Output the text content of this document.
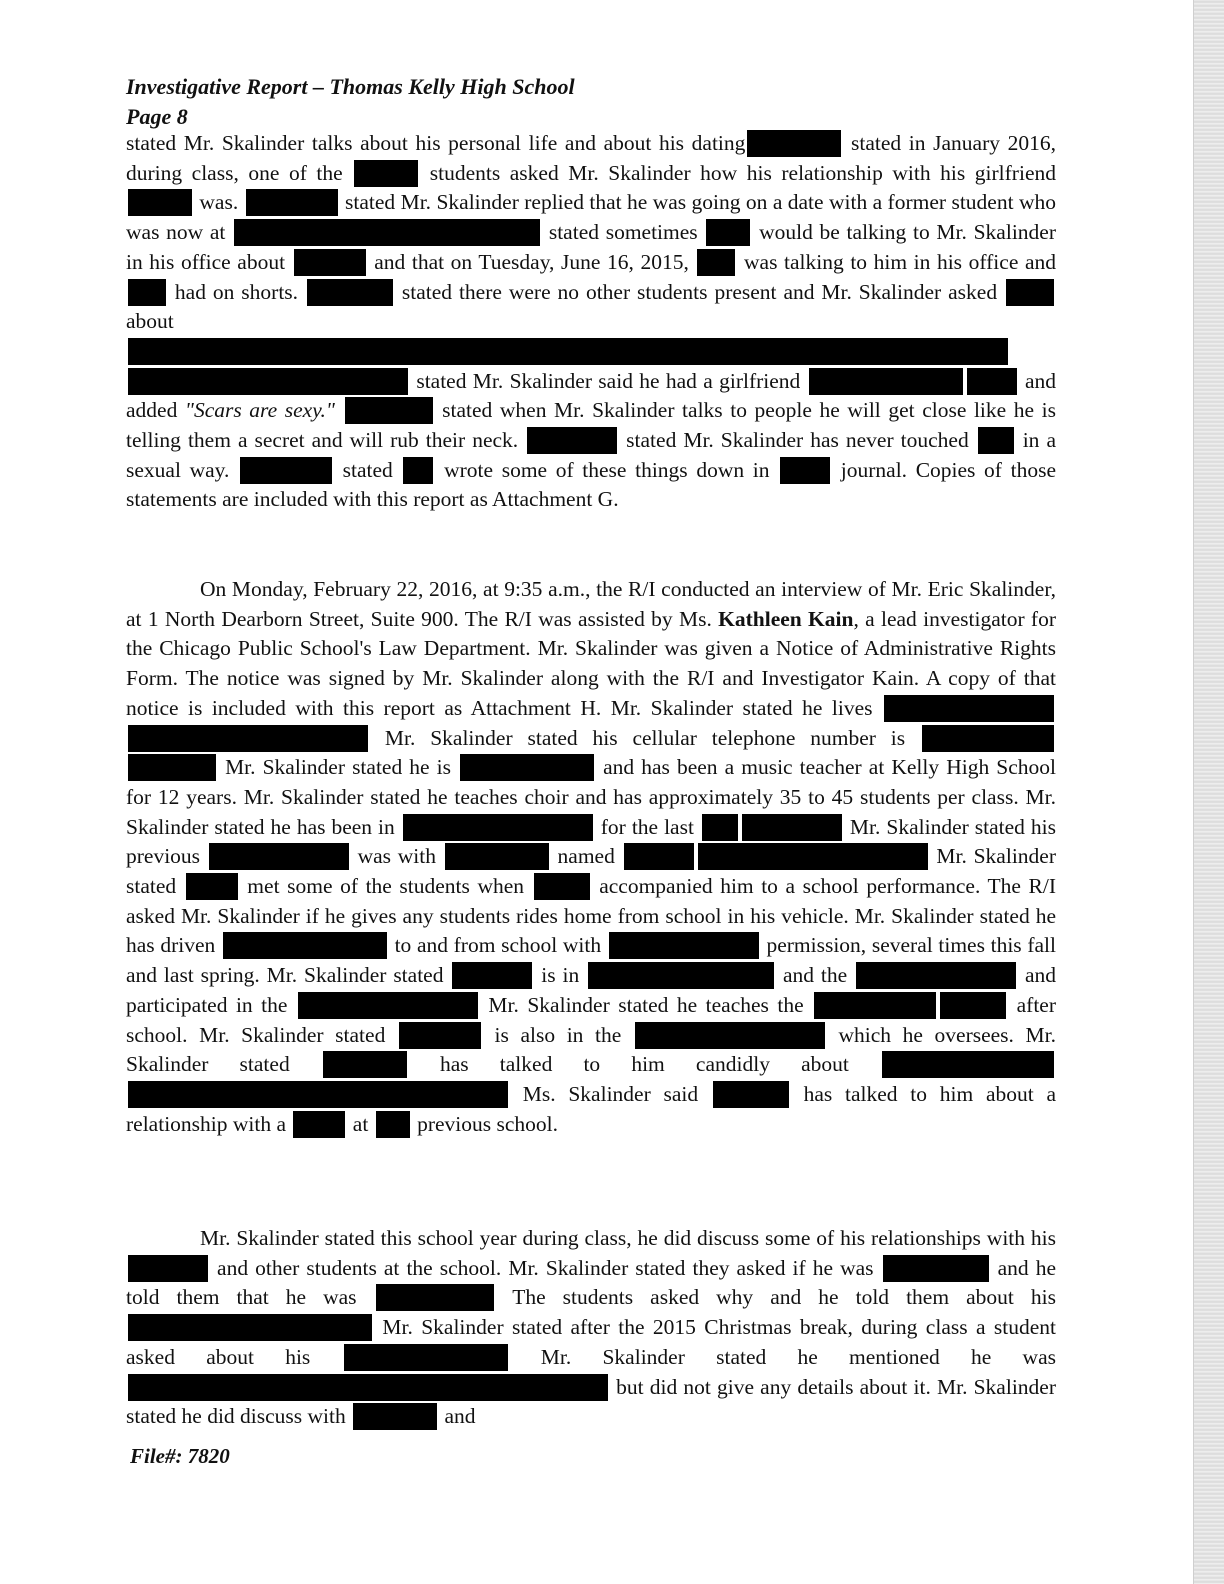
Investigative Report – Thomas Kelly High School
Page 8

stated Mr. Skalinder talks about his personal life and about his dating	stated in January 2016, during class, one of the	students asked Mr. Skalinder how his relationship with his girlfriend  was.	stated Mr. Skalinder replied that he was going on a date with a former student who was now at	stated sometimes  would be talking to Mr. Skalinder in his office about	and that on Tuesday, June 16, 2015,  was talking to him in his office and  had on shorts.	stated there were no other students present and Mr. Skalinder asked  about  stated Mr. Skalinder said he had a girlfriend	and added "Scars are sexy."	stated when Mr. Skalinder talks to people he will get close like he is telling them a secret and will rub their neck.	stated Mr. Skalinder has never touched  in a sexual way.	stated  wrote some of these things down in	journal. Copies of those statements are included with this report as Attachment G.

On Monday, February 22, 2016, at 9:35 a.m., the R/I conducted an interview of Mr. Eric Skalinder, at 1 North Dearborn Street, Suite 900. The R/I was assisted by Ms. Kathleen Kain, a lead investigator for the Chicago Public School's Law Department. Mr. Skalinder was given a Notice of Administrative Rights Form. The notice was signed by Mr. Skalinder along with the R/I and Investigator Kain. A copy of that notice is included with this report as Attachment H. Mr. Skalinder stated he lives  Mr. Skalinder stated his cellular telephone number is  Mr. Skalinder stated he is	and has been a music teacher at Kelly High School for 12 years. Mr. Skalinder stated he teaches choir and has approximately 35 to 45 students per class. Mr. Skalinder stated he has been in	for the last	Mr. Skalinder stated his previous	was with	named	Mr. Skalinder stated	met some of the students when	accompanied him to a school performance. The R/I asked Mr. Skalinder if he gives any students rides home from school in his vehicle. Mr. Skalinder stated he has driven	to and from school with	permission, several times this fall and last spring. Mr. Skalinder stated	is in	and the	and participated in the	Mr. Skalinder stated he teaches the	after school. Mr. Skalinder stated	is also in the	which he oversees. Mr. Skalinder stated	has talked to him candidly about  Ms. Skalinder said	has talked to him about a relationship with a	at  previous school.

Mr. Skalinder stated this school year during class, he did discuss some of his relationships with his  and other students at the school. Mr. Skalinder stated they asked if he was	and he told them that he was	The students asked why and he told them about his  Mr. Skalinder stated after the 2015 Christmas break, during class a student asked about his	Mr. Skalinder stated he mentioned he was  but did not give any details about it. Mr. Skalinder stated he did discuss with	and

File#: 7820
